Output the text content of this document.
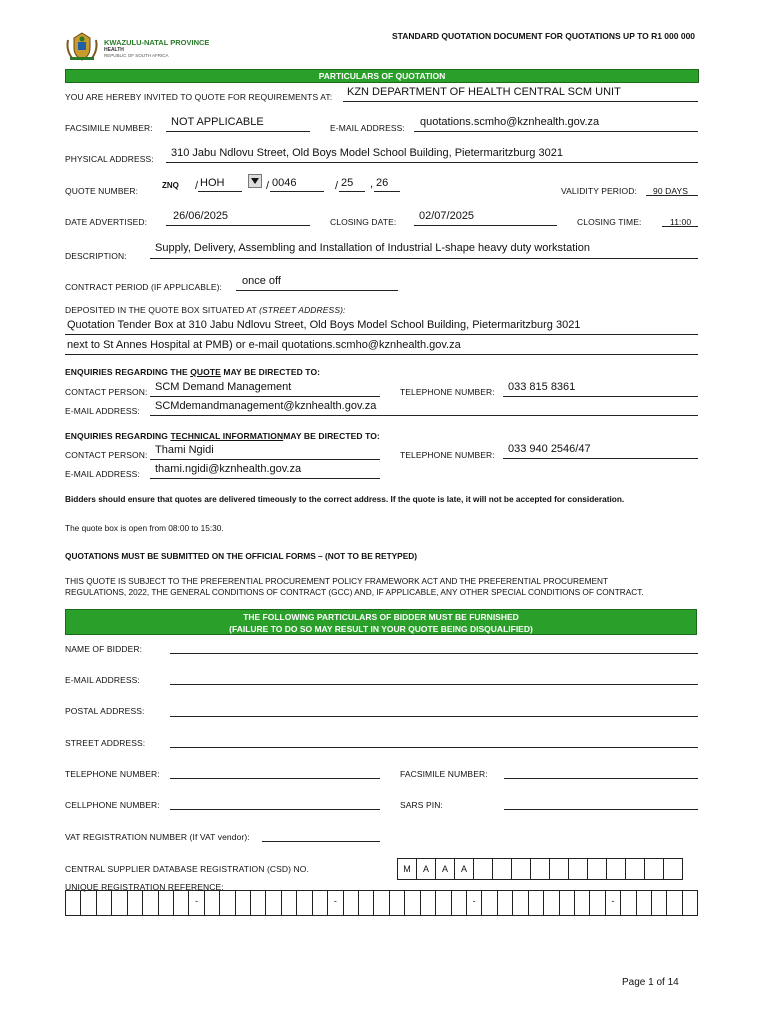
STANDARD QUOTATION DOCUMENT FOR QUOTATIONS UP TO R1 000 000
KWAZULU-NATAL PROVINCE
HEALTH
REPUBLIC OF SOUTH AFRICA
PARTICULARS OF QUOTATION
YOU ARE HEREBY INVITED TO QUOTE FOR REQUIREMENTS AT: KZN DEPARTMENT OF HEALTH CENTRAL SCM UNIT
FACSIMILE NUMBER: NOT APPLICABLE	E-MAIL ADDRESS: quotations.scmho@kznhealth.gov.za
PHYSICAL ADDRESS: 310 Jabu Ndlovu Street, Old Boys Model School Building, Pietermaritzburg 3021
QUOTE NUMBER:
ZNQ / HOH	/ 0046	/ 25 , 26
VALIDITY PERIOD: 90 DAYS
DATE ADVERTISED: 26/06/2025	CLOSING DATE: 02/07/2025	CLOSING TIME:	11:00
DESCRIPTION:
Supply, Delivery, Assembling and Installation of Industrial L-shape heavy duty workstation
CONTRACT PERIOD (IF APPLICABLE): once off
DEPOSITED IN THE QUOTE BOX SITUATED AT (STREET ADDRESS):
Quotation Tender Box at 310 Jabu Ndlovu Street, Old Boys Model School Building, Pietermaritzburg 3021
next to St Annes Hospital at PMB) or e-mail quotations.scmho@kznhealth.gov.za
ENQUIRIES REGARDING THE QUOTE MAY BE DIRECTED TO:
CONTACT PERSON: SCM Demand Management	TELEPHONE NUMBER: 033 815 8361
E-MAIL ADDRESS: SCMdemandmanagement@kznhealth.gov.za
ENQUIRIES REGARDING TECHNICAL INFORMATIONMAY BE DIRECTED TO:
CONTACT PERSON: Thami Ngidi	TELEPHONE NUMBER: 033 940 2546/47
E-MAIL ADDRESS: thami.ngidi@kznhealth.gov.za
Bidders should ensure that quotes are delivered timeously to the correct address. If the quote is late, it will not be accepted for consideration.
The quote box is open from 08:00 to 15:30.
QUOTATIONS MUST BE SUBMITTED ON THE OFFICIAL FORMS – (NOT TO BE RETYPED)
THIS QUOTE IS SUBJECT TO THE PREFERENTIAL PROCUREMENT POLICY FRAMEWORK ACT AND THE PREFERENTIAL PROCUREMENT
REGULATIONS, 2022, THE GENERAL CONDITIONS OF CONTRACT (GCC) AND, IF APPLICABLE, ANY OTHER SPECIAL CONDITIONS OF CONTRACT.
THE FOLLOWING PARTICULARS OF BIDDER MUST BE FURNISHED
(FAILURE TO DO SO MAY RESULT IN YOUR QUOTE BEING DISQUALIFIED)
NAME OF BIDDER:
E-MAIL ADDRESS:
POSTAL ADDRESS:
STREET ADDRESS:
TELEPHONE NUMBER:	FACSIMILE NUMBER:
CELLPHONE NUMBER:	SARS PIN:
VAT REGISTRATION NUMBER (If VAT vendor):
CENTRAL SUPPLIER DATABASE REGISTRATION (CSD) NO.	M	A	A	A
UNIQUE REGISTRATION REFERENCE:
-	-	-	-
Page 1 of 14
